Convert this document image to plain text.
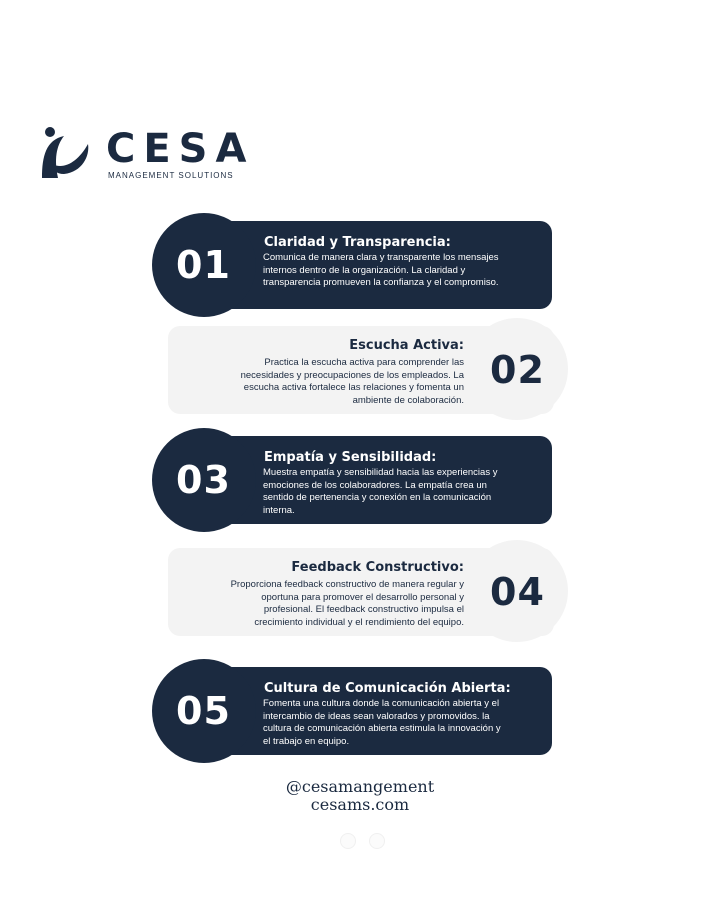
CESA
MANAGEMENT SOLUTIONS
01
Claridad y Transparencia:
Comunica de manera clara y transparente los mensajes internos dentro de la organización. La claridad y transparencia promueven la confianza y el compromiso.
02
Escucha Activa:
Practica la escucha activa para comprender las necesidades y preocupaciones de los empleados. La escucha activa fortalece las relaciones y fomenta un ambiente de colaboración.
03
Empatía y Sensibilidad:
Muestra empatía y sensibilidad hacia las experiencias y emociones de los colaboradores. La empatía crea un sentido de pertenencia y conexión en la comunicación interna.
04
Feedback Constructivo:
Proporciona feedback constructivo de manera regular y oportuna para promover el desarrollo personal y profesional. El feedback constructivo impulsa el crecimiento individual y el rendimiento del equipo.
05
Cultura de Comunicación Abierta:
Fomenta una cultura donde la comunicación abierta y el intercambio de ideas sean valorados y promovidos. la cultura de comunicación abierta estimula la innovación y el trabajo en equipo.
@cesamangement
cesams.com
